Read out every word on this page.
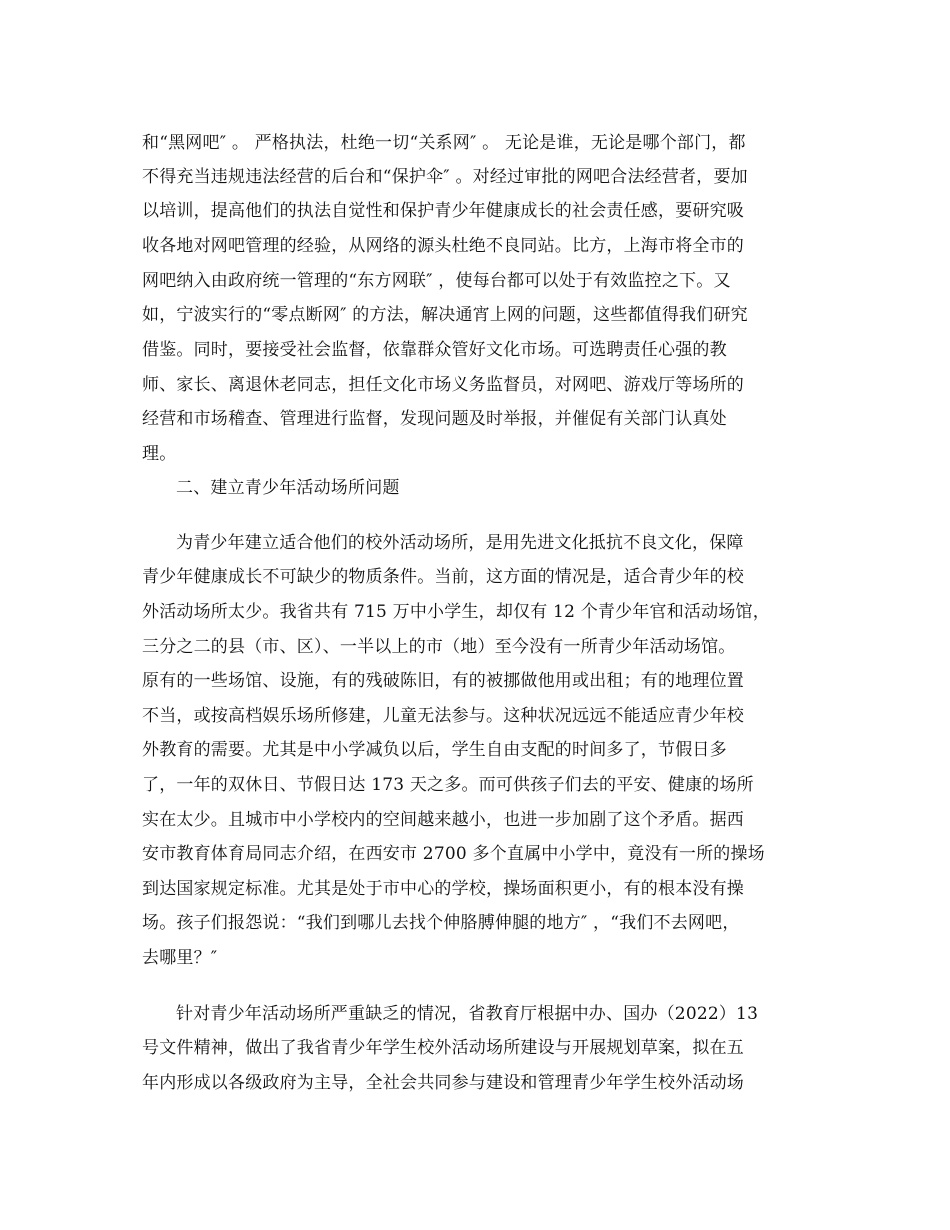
和“黑网吧″ 。 严格执法，杜绝一切“关系网″ 。 无论是谁，无论是哪个部门，都
不得充当违规违法经营的后台和“保护伞″ 。对经过审批的网吧合法经营者，要加
以培训，提高他们的执法自觉性和保护青少年健康成长的社会责任感，要研究吸
收各地对网吧管理的经验，从网络的源头杜绝不良同站。比方，上海市将全市的
网吧纳入由政府统一管理的“东方网联″ ，使每台都可以处于有效监控之下。又
如，宁波实行的“零点断网″ 的方法，解决通宵上网的问题，这些都值得我们研究
借鉴。同时，要接受社会监督，依靠群众管好文化市场。可选聘责任心强的教
师、家长、离退休老同志，担任文化市场义务监督员，对网吧、游戏厅等场所的
经营和市场稽查、管理进行监督，发现问题及时举报，并催促有关部门认真处
理。
二、建立青少年活动场所问题
为青少年建立适合他们的校外活动场所，是用先进文化抵抗不良文化，保障
青少年健康成长不可缺少的物质条件。当前，这方面的情况是，适合青少年的校
外活动场所太少。我省共有 715 万中小学生，却仅有 12 个青少年官和活动场馆，
三分之二的县（市、区）、一半以上的市（地）至今没有一所青少年活动场馆。
原有的一些场馆、设施，有的残破陈旧，有的被挪做他用或出租；有的地理位置
不当，或按高档娱乐场所修建，儿童无法参与。这种状况远远不能适应青少年校
外教育的需要。尤其是中小学减负以后，学生自由支配的时间多了，节假日多
了，一年的双休日、节假日达 173 天之多。而可供孩子们去的平安、健康的场所
实在太少。且城市中小学校内的空间越来越小，也进一步加剧了这个矛盾。据西
安市教育体育局同志介绍，在西安市 2700 多个直属中小学中，竟没有一所的操场
到达国家规定标准。尤其是处于市中心的学校，操场面积更小，有的根本没有操
场。孩子们报怨说：“我们到哪儿去找个伸胳膊伸腿的地方″ ，“我们不去网吧，
去哪里？″
针对青少年活动场所严重缺乏的情况，省教育厅根据中办、国办（2022）13
号文件精神，做出了我省青少年学生校外活动场所建设与开展规划草案，拟在五
年内形成以各级政府为主导，全社会共同参与建设和管理青少年学生校外活动场
